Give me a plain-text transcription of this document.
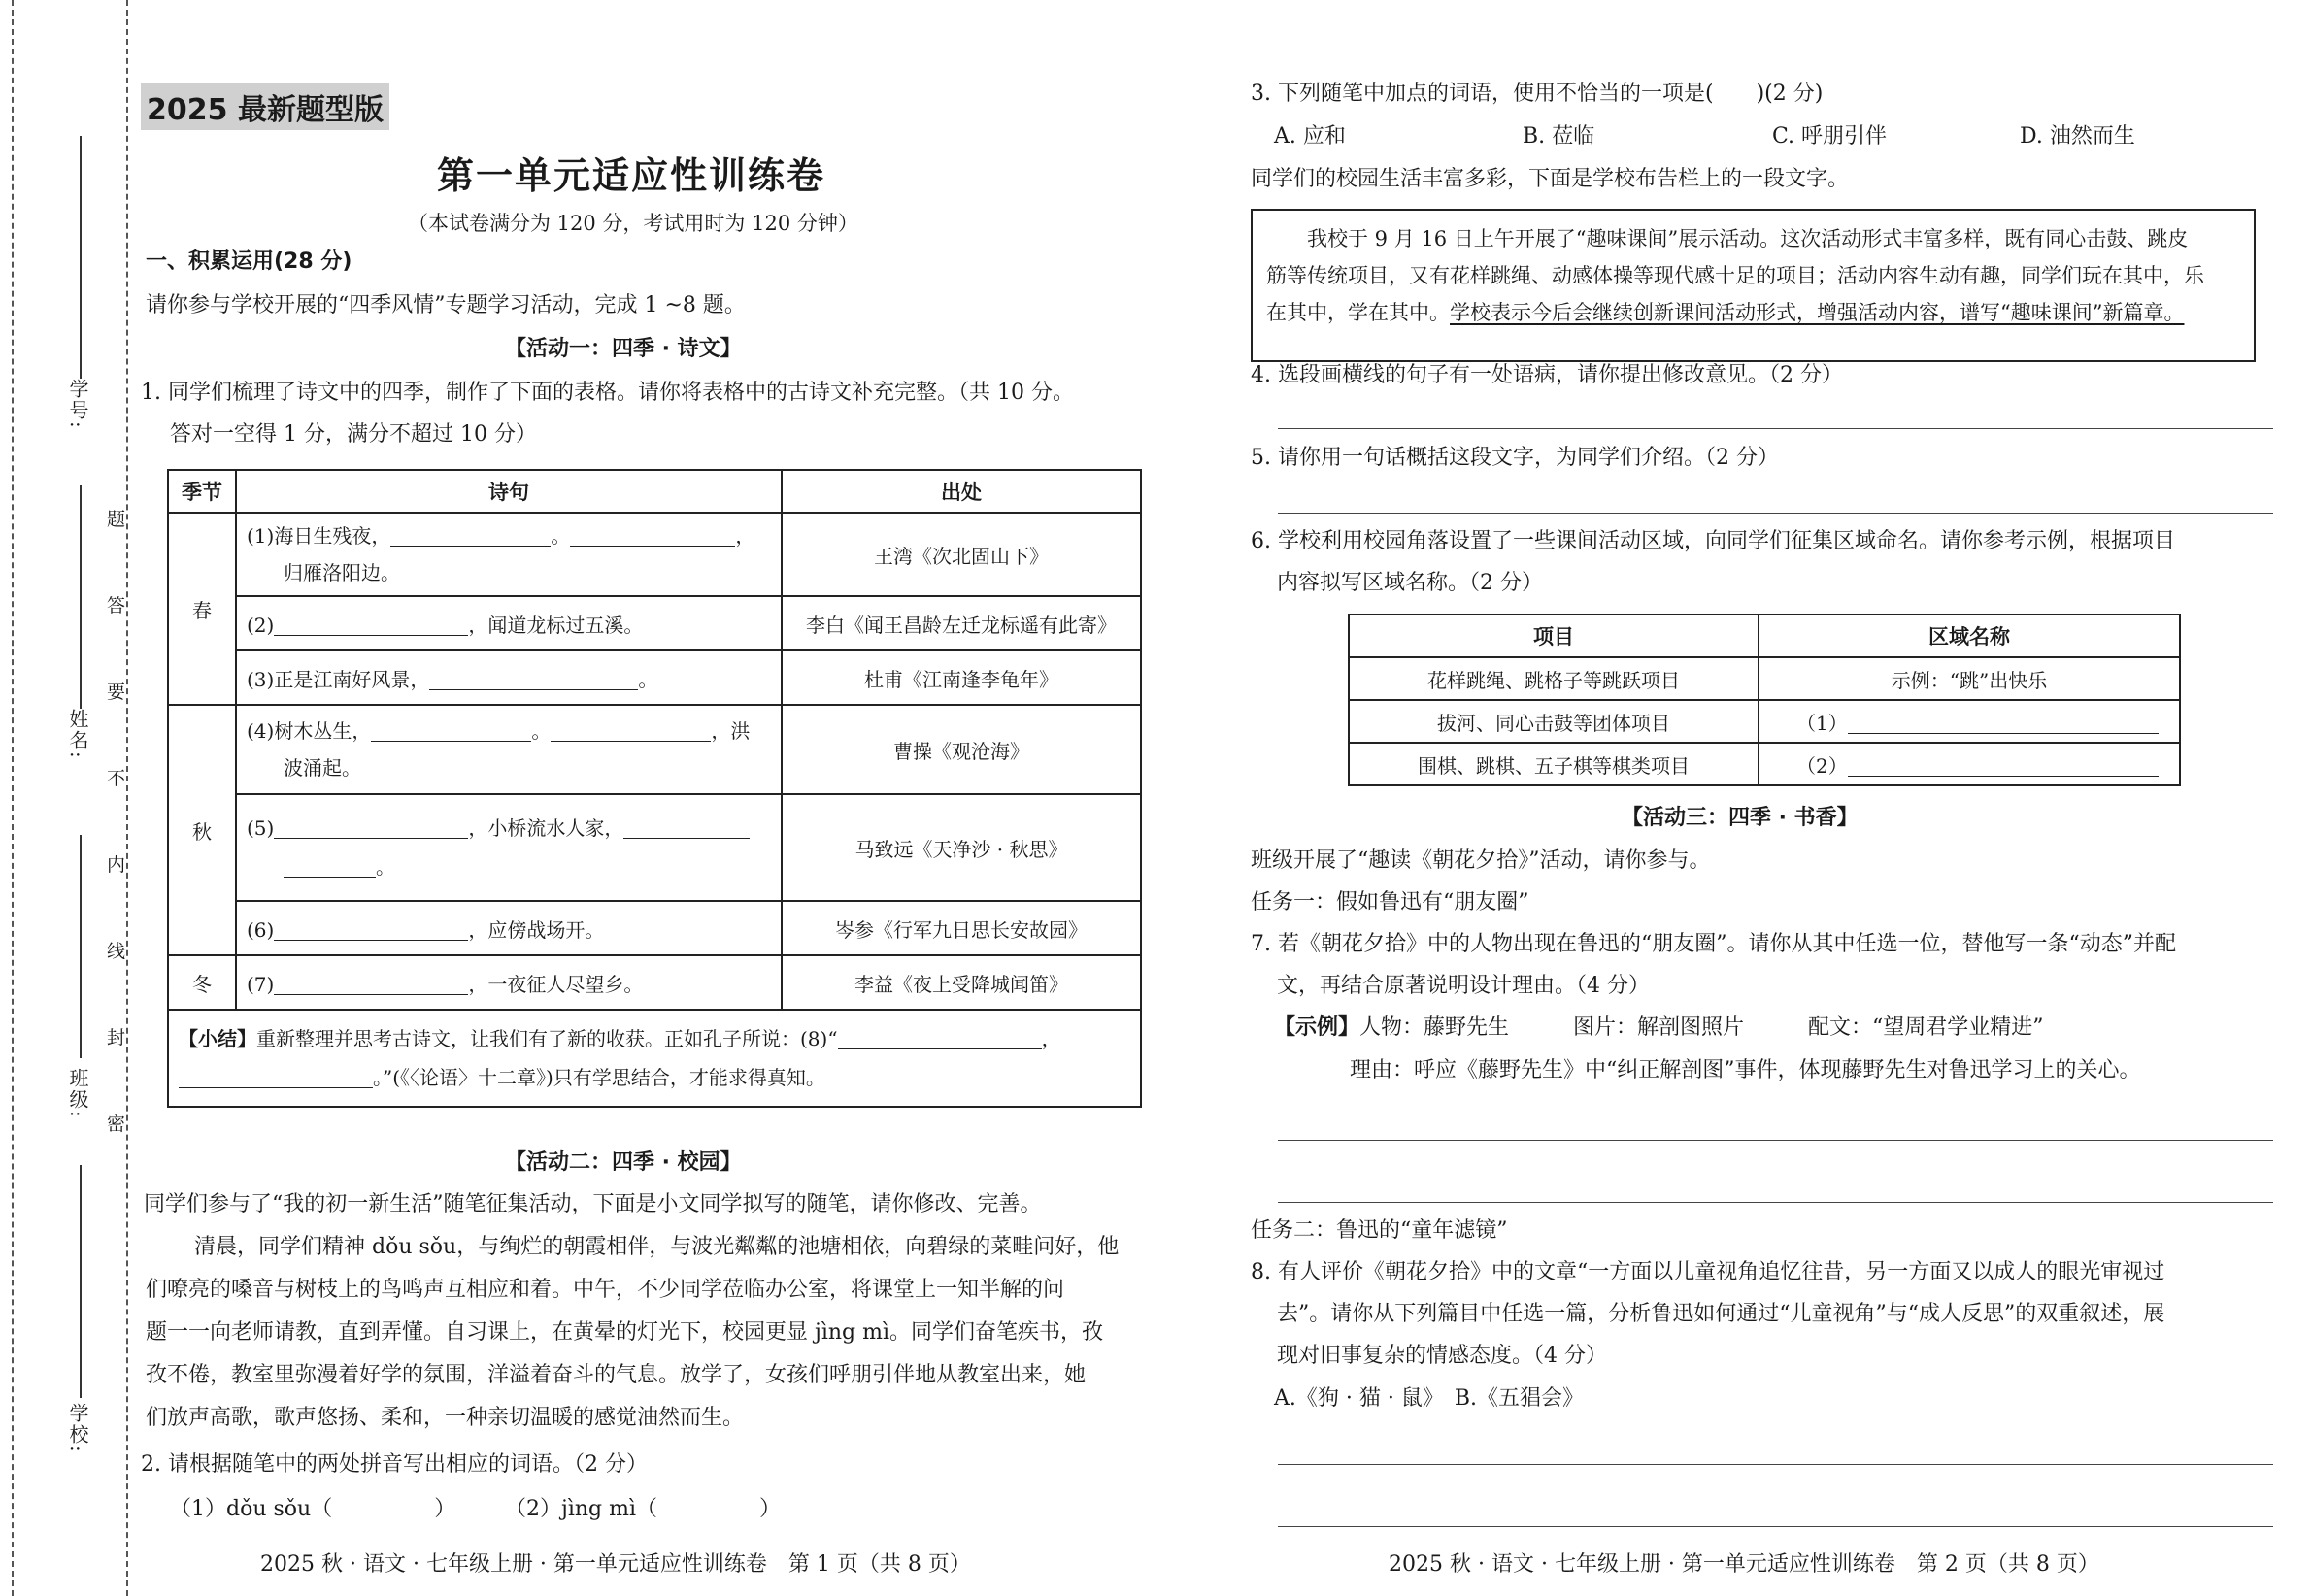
学号:
姓名:
班级:
学校:
题
答
要
不
内
线
封
密
2025 最新题型版
第一单元适应性训练卷
（本试卷满分为 120 分，考试用时为 120 分钟）
一、积累运用(28 分)
请你参与学校开展的“四季风情”专题学习活动，完成 1 ~8 题。
【活动一：四季 · 诗文】
1. 同学们梳理了诗文中的四季，制作了下面的表格。请你将表格中的古诗文补充完整。（共 10 分。
答对一空得 1 分，满分不超过 10 分）
季节	诗句	出处
春	(1)海日生残夜， 。 ，
归雁洛阳边。	王湾《次北固山下》
	(2) ，闻道龙标过五溪。	李白《闻王昌龄左迁龙标遥有此寄》
	(3)正是江南好风景， 。	杜甫《江南逢李龟年》
秋	(4)树木丛生， 。 ，洪
波涌起。	曹操《观沧海》
	(5) ，小桥流水人家，
。	马致远《天净沙 · 秋思》
	(6) ，应傍战场开。	岑参《行军九日思长安故园》
冬	(7) ，一夜征人尽望乡。	李益《夜上受降城闻笛》
【小结】重新整理并思考古诗文，让我们有了新的收获。正如孔子所说：(8)“ ，
。”(《〈论语〉十二章》)只有学思结合，才能求得真知。		
【活动二：四季 · 校园】
同学们参与了“我的初一新生活”随笔征集活动，下面是小文同学拟写的随笔，请你修改、完善。
清晨，同学们精神 dǒu sǒu，与绚烂的朝霞相伴，与波光粼粼的池塘相依，向碧绿的菜畦问好，他
们嘹亮的嗓音与树枝上的鸟鸣声互相应和着。中午，不少同学莅临办公室，将课堂上一知半解的问
题一一向老师请教，直到弄懂。自习课上，在黄晕的灯光下，校园更显 jìng mì。同学们奋笔疾书，孜
孜不倦，教室里弥漫着好学的氛围，洋溢着奋斗的气息。放学了，女孩们呼朋引伴地从教室出来，她
们放声高歌，歌声悠扬、柔和，一种亲切温暖的感觉油然而生。
2. 请根据随笔中的两处拼音写出相应的词语。（2 分）
（1）dǒu sǒu（	） （2）jìng mì（	）
2025 秋 · 语文 · 七年级上册 · 第一单元适应性训练卷　第 1 页（共 8 页）
3. 下列随笔中加点的词语，使用不恰当的一项是(　　)(2 分)
A. 应和	B. 莅临	C. 呼朋引伴	D. 油然而生
同学们的校园生活丰富多彩，下面是学校布告栏上的一段文字。
我校于 9 月 16 日上午开展了“趣味课间”展示活动。这次活动形式丰富多样，既有同心击鼓、跳皮
筋等传统项目，又有花样跳绳、动感体操等现代感十足的项目；活动内容生动有趣，同学们玩在其中，乐
在其中，学在其中。学校表示今后会继续创新课间活动形式，增强活动内容，谱写“趣味课间”新篇章。
4. 选段画横线的句子有一处语病，请你提出修改意见。（2 分）
5. 请你用一句话概括这段文字，为同学们介绍。（2 分）
6. 学校利用校园角落设置了一些课间活动区域，向同学们征集区域命名。请你参考示例，根据项目
内容拟写区域名称。（2 分）
项目	区域名称
花样跳绳、跳格子等跳跃项目	示例：“跳”出快乐
拔河、同心击鼓等团体项目	（1）
围棋、跳棋、五子棋等棋类项目	（2）
【活动三：四季 · 书香】
班级开展了“趣读《朝花夕拾》”活动，请你参与。
任务一：假如鲁迅有“朋友圈”
7. 若《朝花夕拾》中的人物出现在鲁迅的“朋友圈”。请你从其中任选一位，替他写一条“动态”并配
文，再结合原著说明设计理由。（4 分）
【示例】人物：藤野先生　　　图片：解剖图照片　　　配文：“望周君学业精进”
理由：呼应《藤野先生》中“纠正解剖图”事件，体现藤野先生对鲁迅学习上的关心。
任务二：鲁迅的“童年滤镜”
8. 有人评价《朝花夕拾》中的文章“一方面以儿童视角追忆往昔，另一方面又以成人的眼光审视过
去”。请你从下列篇目中任选一篇，分析鲁迅如何通过“儿童视角”与“成人反思”的双重叙述，展
现对旧事复杂的情感态度。（4 分）
A.《狗 · 猫 · 鼠》　B.《五猖会》
2025 秋 · 语文 · 七年级上册 · 第一单元适应性训练卷　第 2 页（共 8 页）
